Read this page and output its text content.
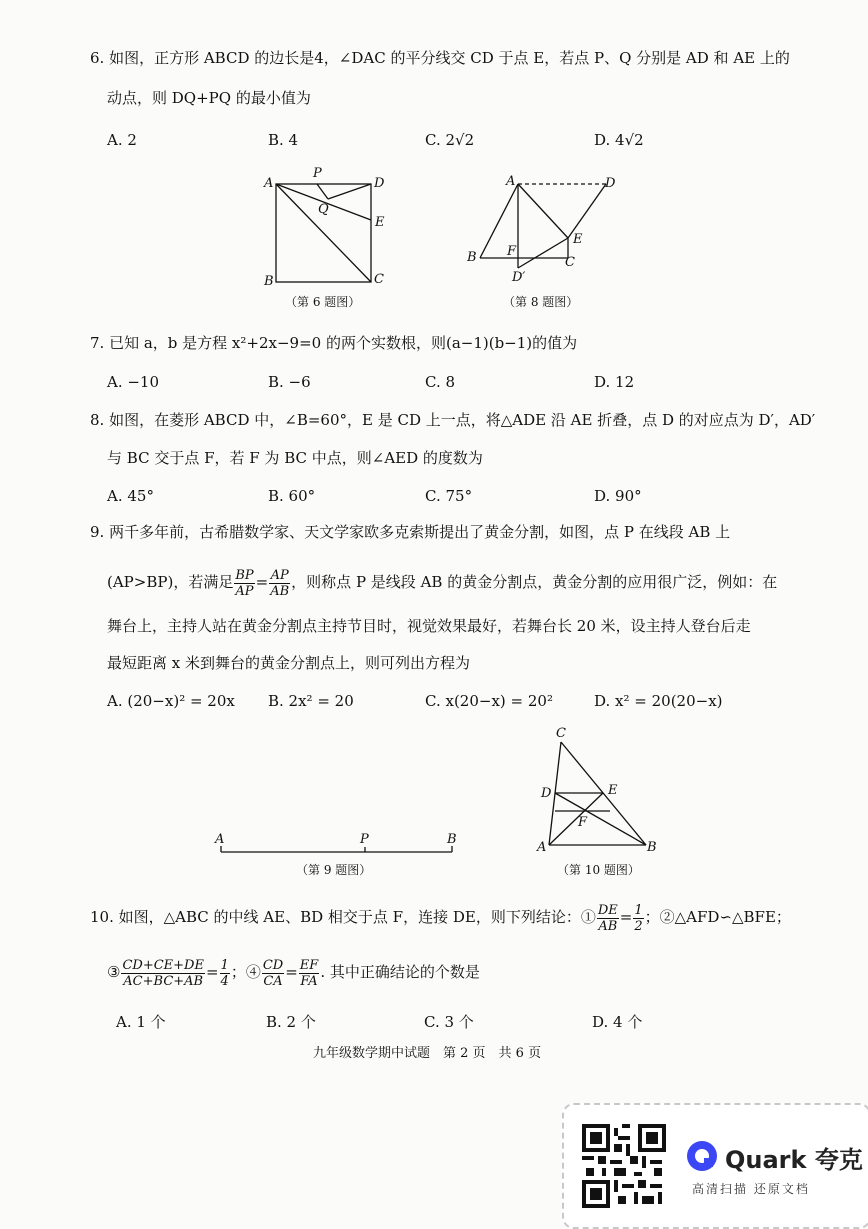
6. 如图，正方形 ABCD 的边长是4，∠DAC 的平分线交 CD 于点 E，若点 P、Q 分别是 AD 和 AE 上的
动点，则 DQ+PQ 的最小值为
A. 2	B. 4	C. 2√2	D. 4√2
A
P
D
Q
E
B	C
（第 6 题图）
A	D
E
F
B
D′
C
（第 8 题图）
7. 已知 a，b 是方程 x²+2x−9=0 的两个实数根，则(a−1)(b−1)的值为
A. −10	B. −6	C. 8	D. 12
8. 如图，在菱形 ABCD 中，∠B=60°，E 是 CD 上一点，将△ADE 沿 AE 折叠，点 D 的对应点为 D′，AD′
与 BC 交于点 F，若 F 为 BC 中点，则∠AED 的度数为
A. 45°	B. 60°	C. 75°	D. 90°
9. 两千多年前，古希腊数学家、天文学家欧多克索斯提出了黄金分割，如图，点 P 在线段 AB 上
(AP>BP)，若满足 $\frac{BP}{AP} = \frac{AP}{AB}$ ，则称点 P 是线段 AB 的黄金分割点，黄金分割的应用很广泛，例如：在
舞台上，主持人站在黄金分割点主持节目时，视觉效果最好，若舞台长 20 米，设主持人登台后走
最短距离 x 米到舞台的黄金分割点上，则可列出方程为
A. (20−x)² = 20x B. 2x² = 20	C. x(20−x) = 20²	D. x² = 20(20−x)
A	P	B
（第 9 题图）
C
D	E
F
A	B
（第 10 题图）
10. 如图，△ABC 的中线 AE、BD 相交于点 F，连接 DE，则下列结论：① $\frac{DE}{AB} = \frac{1}{2}$ ；②△AFD∽△BFE；
③ $\frac{CD+CE+DE}{AC+BC+AB} = \frac{1}{4}$ ；④ $\frac{CD}{CA} = \frac{EF}{FA}$ . 其中正确结论的个数是
A. 1 个	B. 2 个	C. 3 个	D. 4 个
九年级数学期中试题　第 2 页　共 6 页
Quark 夸克
高清扫描 还原文档
